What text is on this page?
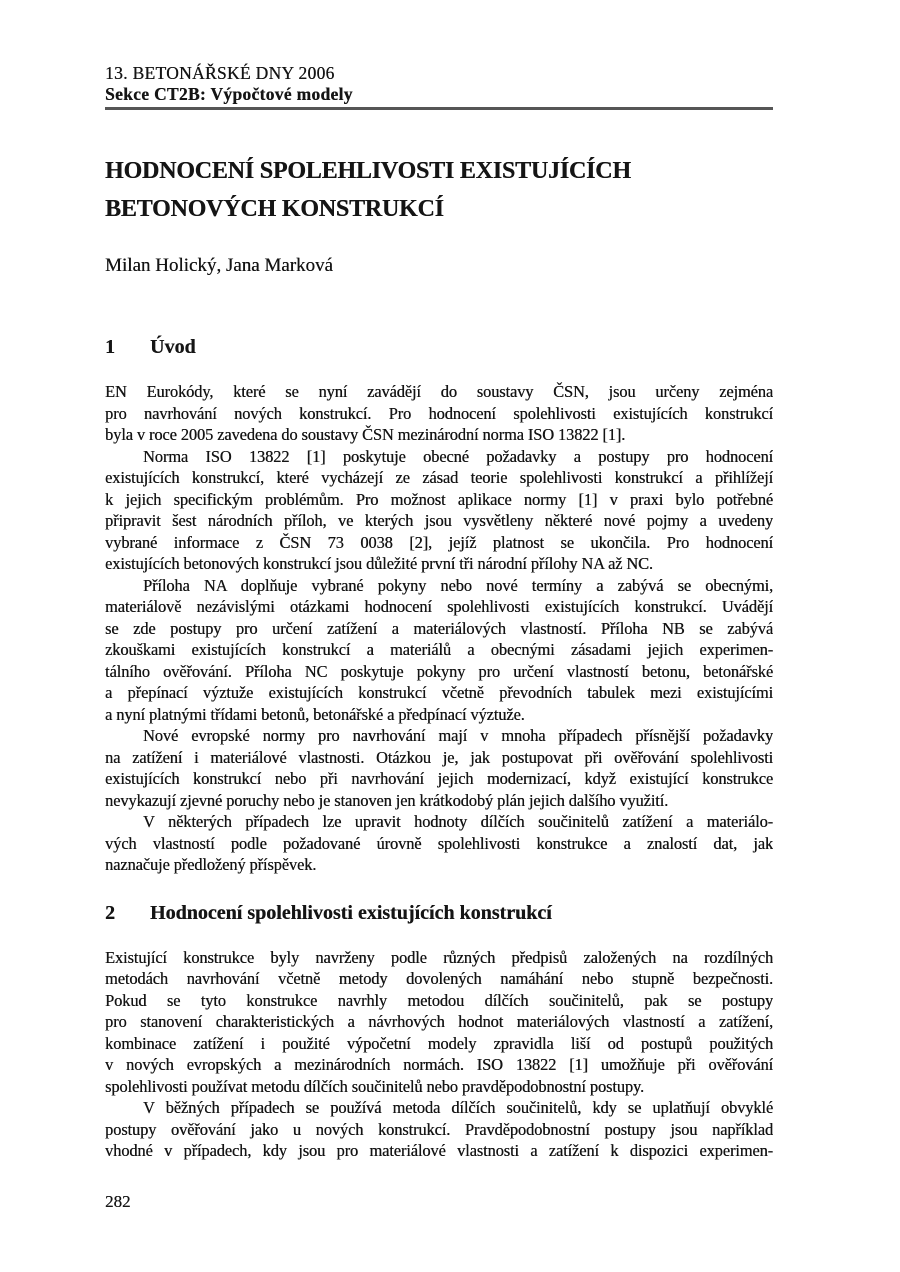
13. BETONÁŘSKÉ DNY 2006
Sekce CT2B: Výpočtové modely
HODNOCENÍ SPOLEHLIVOSTI EXISTUJÍCÍCH
BETONOVÝCH KONSTRUKCÍ
Milan Holický, Jana Marková
1 Úvod
EN Eurokódy, které se nyní zavádějí do soustavy ČSN, jsou určeny zejména
pro navrhování nových konstrukcí. Pro hodnocení spolehlivosti existujících konstrukcí
byla v roce 2005 zavedena do soustavy ČSN mezinárodní norma ISO 13822 [1].
Norma ISO 13822 [1] poskytuje obecné požadavky a postupy pro hodnocení
existujících konstrukcí, které vycházejí ze zásad teorie spolehlivosti konstrukcí a přihlížejí
k jejich specifickým problémům. Pro možnost aplikace normy [1] v praxi bylo potřebné
připravit šest národních příloh, ve kterých jsou vysvětleny některé nové pojmy a uvedeny
vybrané informace z ČSN 73 0038 [2], jejíž platnost se ukončila. Pro hodnocení
existujících betonových konstrukcí jsou důležité první tři národní přílohy NA až NC.
Příloha NA doplňuje vybrané pokyny nebo nové termíny a zabývá se obecnými,
materiálově nezávislými otázkami hodnocení spolehlivosti existujících konstrukcí. Uvádějí
se zde postupy pro určení zatížení a materiálových vlastností. Příloha NB se zabývá
zkouškami existujících konstrukcí a materiálů a obecnými zásadami jejich experimen-
tálního ověřování. Příloha NC poskytuje pokyny pro určení vlastností betonu, betonářské
a přepínací výztuže existujících konstrukcí včetně převodních tabulek mezi existujícími
a nyní platnými třídami betonů, betonářské a předpínací výztuže.
Nové evropské normy pro navrhování mají v mnoha případech přísnější požadavky
na zatížení i materiálové vlastnosti. Otázkou je, jak postupovat při ověřování spolehlivosti
existujících konstrukcí nebo při navrhování jejich modernizací, když existující konstrukce
nevykazují zjevné poruchy nebo je stanoven jen krátkodobý plán jejich dalšího využití.
V některých případech lze upravit hodnoty dílčích součinitelů zatížení a materiálo-
vých vlastností podle požadované úrovně spolehlivosti konstrukce a znalostí dat, jak
naznačuje předložený příspěvek.
2 Hodnocení spolehlivosti existujících konstrukcí
Existující konstrukce byly navrženy podle různých předpisů založených na rozdílných
metodách navrhování včetně metody dovolených namáhání nebo stupně bezpečnosti.
Pokud se tyto konstrukce navrhly metodou dílčích součinitelů, pak se postupy
pro stanovení charakteristických a návrhových hodnot materiálových vlastností a zatížení,
kombinace zatížení i použité výpočetní modely zpravidla liší od postupů použitých
v nových evropských a mezinárodních normách. ISO 13822 [1] umožňuje při ověřování
spolehlivosti používat metodu dílčích součinitelů nebo pravděpodobnostní postupy.
V běžných případech se používá metoda dílčích součinitelů, kdy se uplatňují obvyklé
postupy ověřování jako u nových konstrukcí. Pravděpodobnostní postupy jsou například
vhodné v případech, kdy jsou pro materiálové vlastnosti a zatížení k dispozici experimen-
282
